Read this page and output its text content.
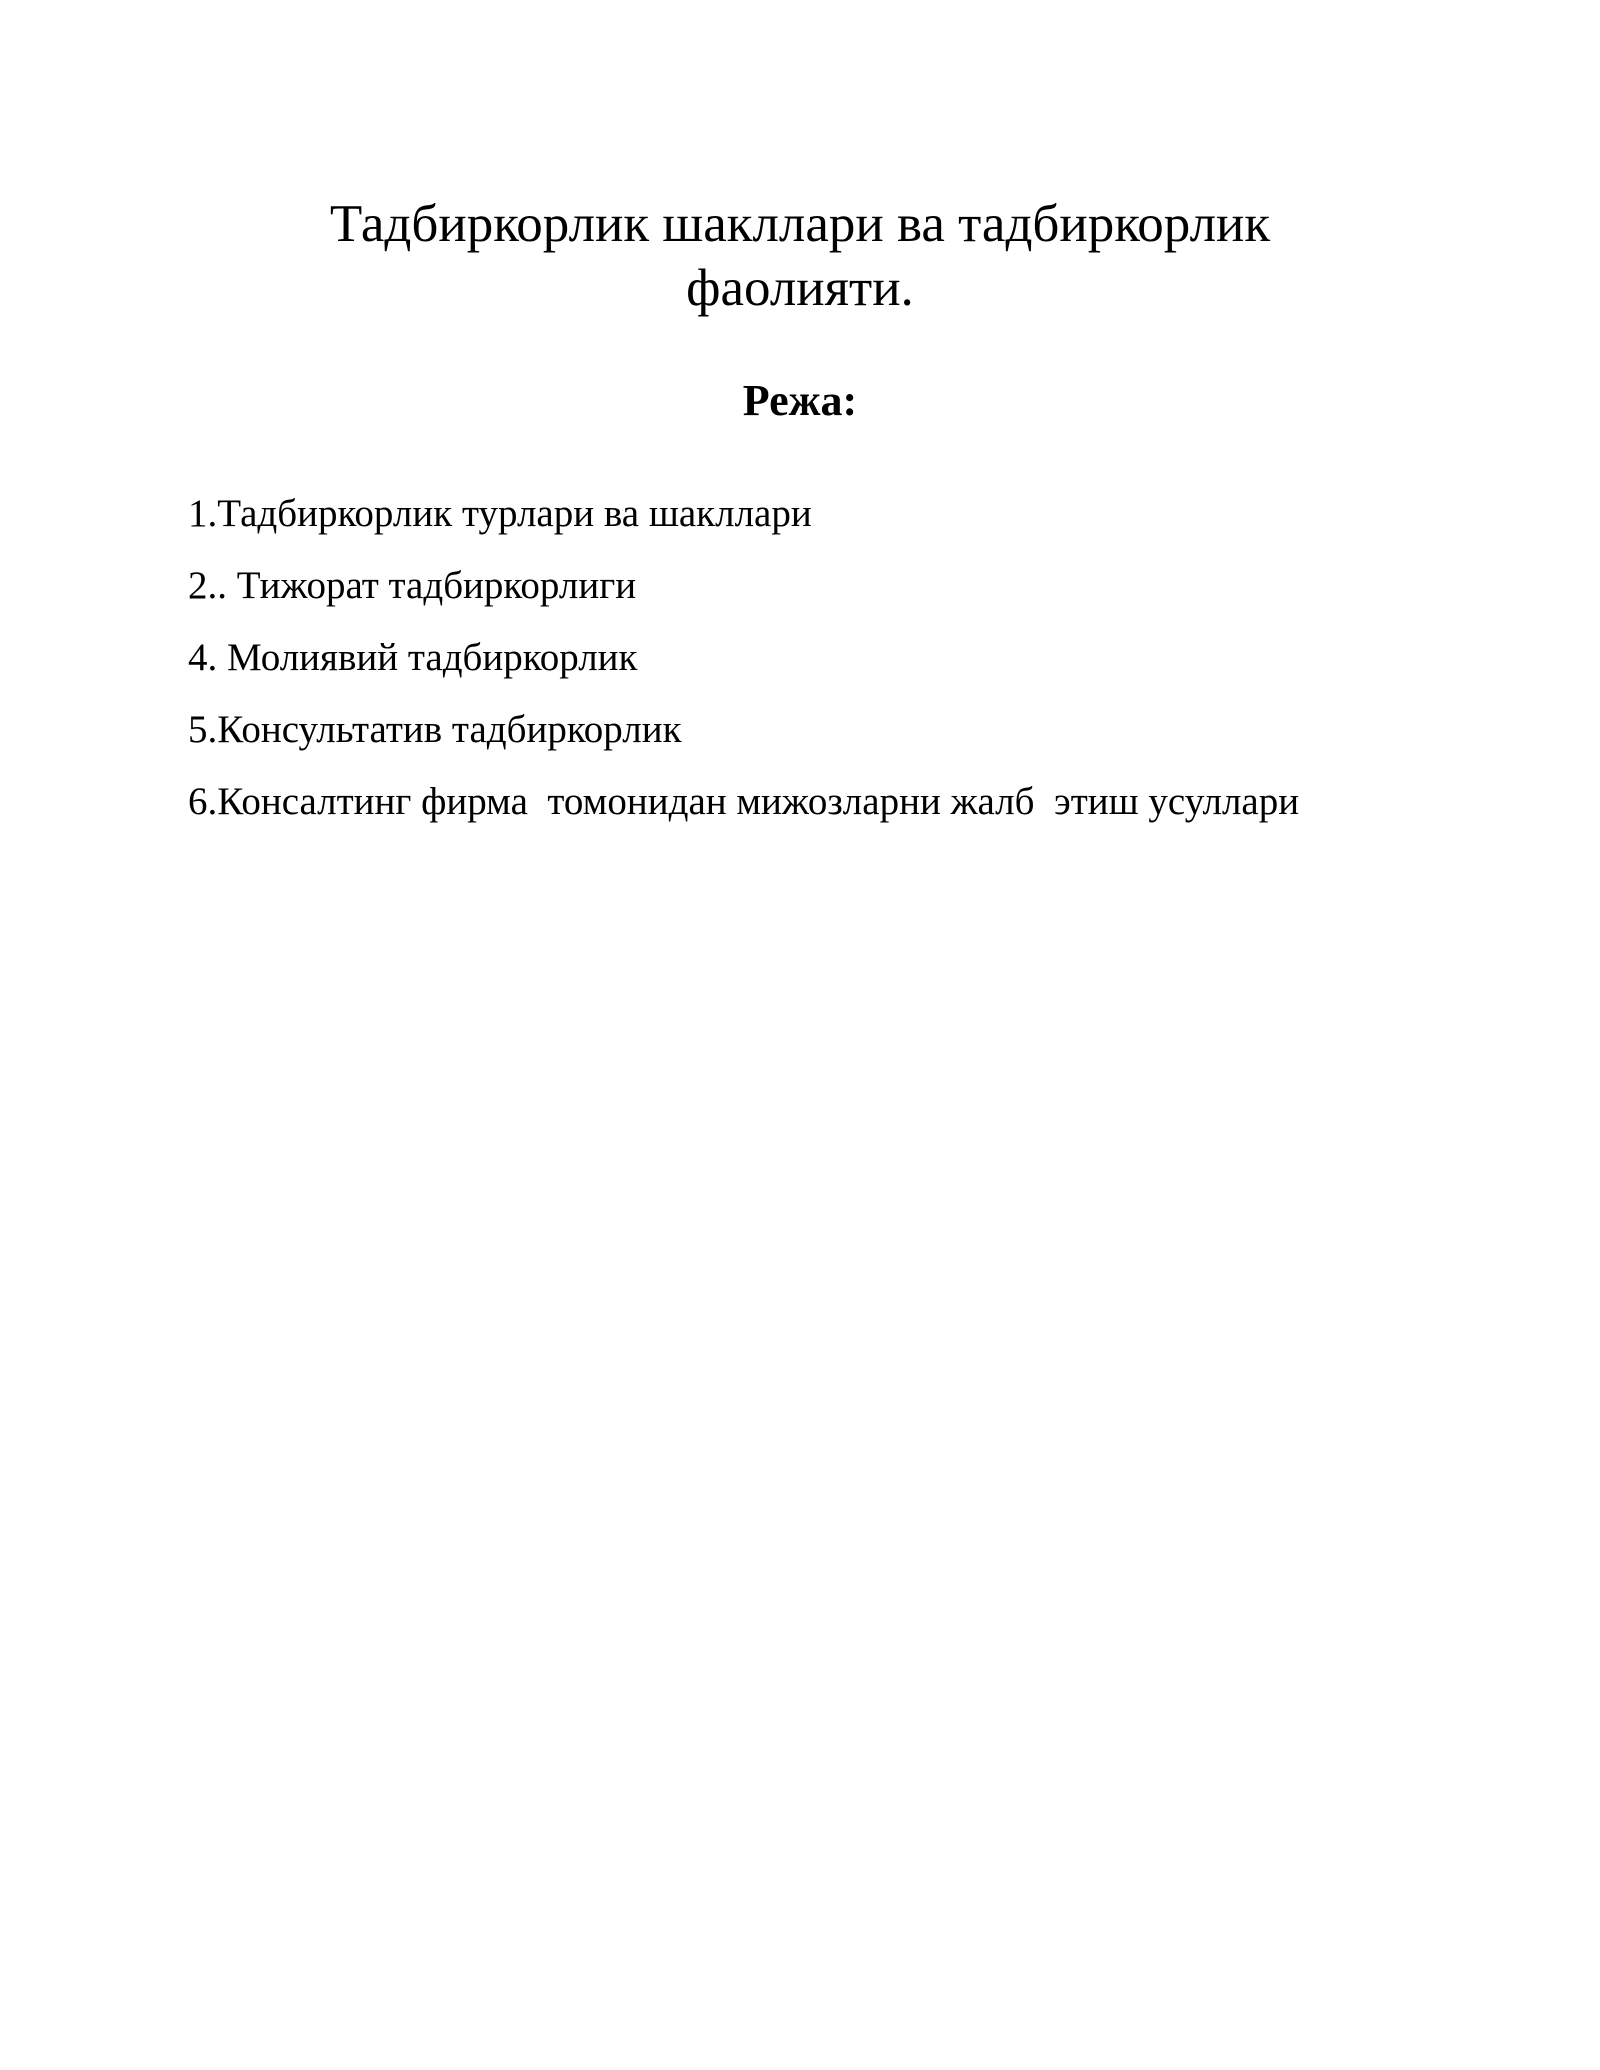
Тадбиркорлик шакллари ва тадбиркорлик
фаолияти.
Режа:
1.Тадбиркорлик турлари ва шакллари
2.. Тижорат тадбиркорлиги
4. Молиявий тадбиркорлик
5.Консультатив тадбиркорлик
6.Консалтинг фирма  томонидан мижозларни жалб  этиш усуллари
